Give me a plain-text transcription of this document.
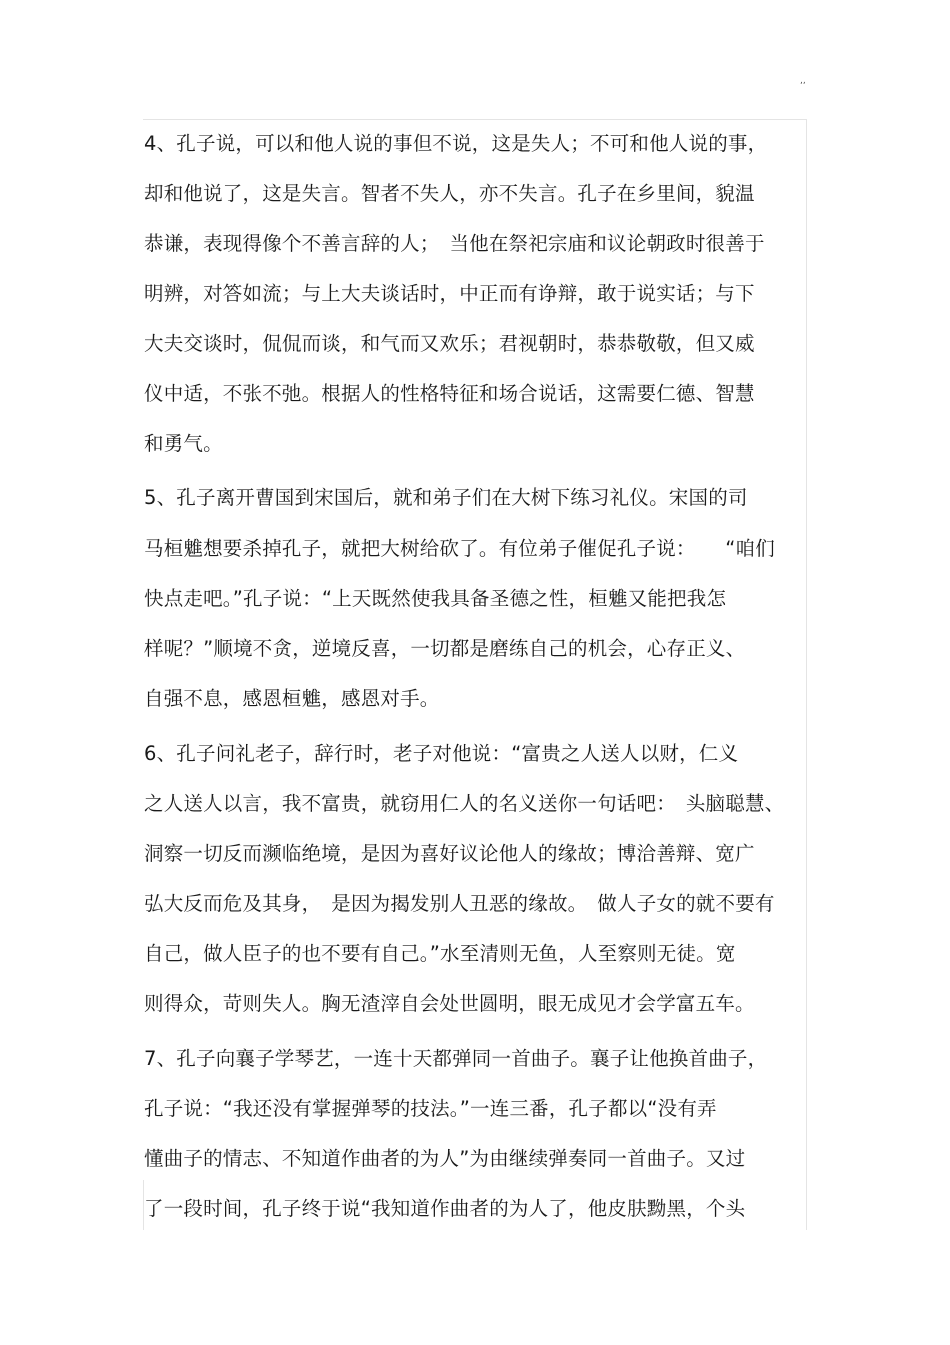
,,
4、孔子说，可以和他人说的事但不说，这是失人；不可和他人说的事，
却和他说了，这是失言。智者不失人，亦不失言。孔子在乡里间，貌温
恭谦，表现得像个不善言辞的人；　当他在祭祀宗庙和议论朝政时很善于
明辨，对答如流；与上大夫谈话时，中正而有诤辩，敢于说实话；与下
大夫交谈时，侃侃而谈，和气而又欢乐；君视朝时，恭恭敬敬，但又威
仪中适，不张不弛。根据人的性格特征和场合说话，这需要仁德、智慧
和勇气。
5、孔子离开曹国到宋国后，就和弟子们在大树下练习礼仪。宋国的司
马桓魋想要杀掉孔子，就把大树给砍了。有位弟子催促孔子说：　　“咱们
快点走吧。”孔子说：“上天既然使我具备圣德之性，桓魋又能把我怎
样呢？”顺境不贪，逆境反喜，一切都是磨练自己的机会，心存正义、
自强不息，感恩桓魋，感恩对手。
6、孔子问礼老子，辞行时，老子对他说：“富贵之人送人以财，仁义
之人送人以言，我不富贵，就窃用仁人的名义送你一句话吧：　头脑聪慧、
洞察一切反而濒临绝境，是因为喜好议论他人的缘故；博洽善辩、宽广
弘大反而危及其身，　是因为揭发别人丑恶的缘故。　做人子女的就不要有
自己，做人臣子的也不要有自己。”水至清则无鱼，人至察则无徒。宽
则得众，苛则失人。胸无渣滓自会处世圆明，眼无成见才会学富五车。
7、孔子向襄子学琴艺，一连十天都弹同一首曲子。襄子让他换首曲子，
孔子说：“我还没有掌握弹琴的技法。”一连三番，孔子都以“没有弄
懂曲子的情志、不知道作曲者的为人”为由继续弹奏同一首曲子。又过
了一段时间，孔子终于说“我知道作曲者的为人了，他皮肤黝黑，个头
